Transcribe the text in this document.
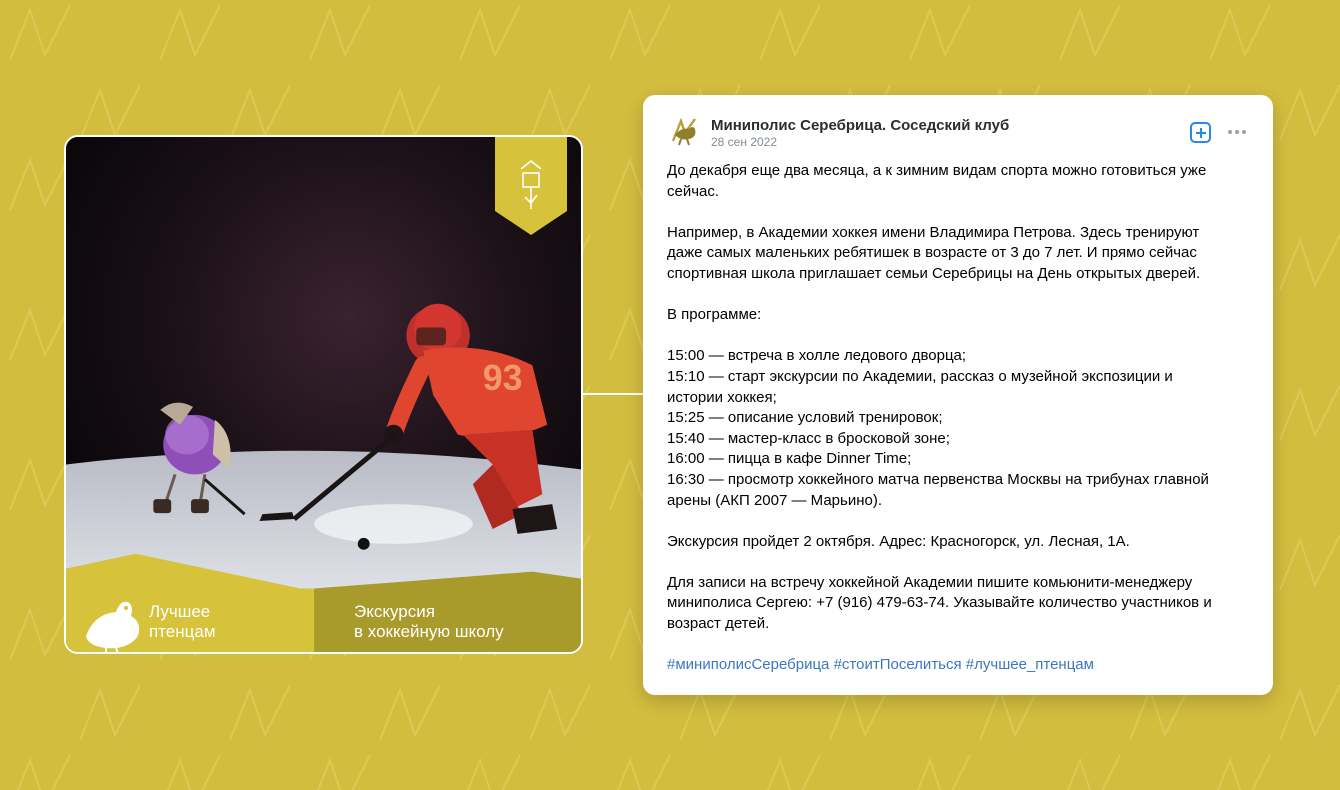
93
Лучшее
птенцам
Экскурсия
в хоккейную школу
Миниполис Серебрица. Соседский клуб
28 сен 2022

До декабря еще два месяца, а к зимним видам спорта можно готовиться уже
сейчас.

Например, в Академии хоккея имени Владимира Петрова. Здесь тренируют
даже самых маленьких ребятишек в возрасте от 3 до 7 лет. И прямо сейчас
спортивная школа приглашает семьи Серебрицы на День открытых дверей.

В программе:

15:00 — встреча в холле ледового дворца;
15:10 — старт экскурсии по Академии, рассказ о музейной экспозиции и
истории хоккея;
15:25 — описание условий тренировок;
15:40 — мастер-класс в бросковой зоне;
16:00 — пицца в кафе Dinner Time;
16:30 — просмотр хоккейного матча первенства Москвы на трибунах главной
арены (АКП 2007 — Марьино).

Экскурсия пройдет 2 октября. Адрес: Красногорск, ул. Лесная, 1А.

Для записи на встречу хоккейной Академии пишите комьюнити-менеджеру
миниполиса Сергею: +7 (916) 479-63-74. Указывайте количество участников и
возраст детей.

#миниполисСеребрица #стоитПоселиться #лучшее_птенцам
